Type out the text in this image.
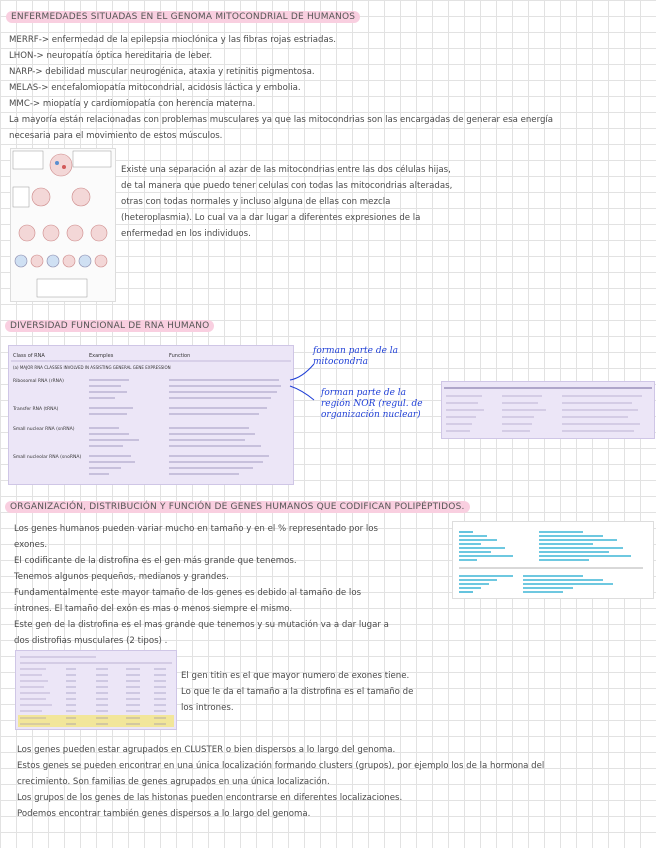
ENFERMEDADES SITUADAS EN EL GENOMA MITOCONDRIAL DE HUMANOS
MERRF-> enfermedad de la epilepsia mioclónica y las fibras rojas estriadas.
LHON-> neuropatía óptica hereditaria de leber.
NARP-> debilidad muscular neurogénica, ataxia y retinitis pigmentosa.
MELAS-> encefalomiopatía mitocondrial, acidosis láctica y embolia.
MMC-> miopatía y cardiomiopatía con herencia materna.
La mayoría están relacionadas con problemas musculares ya que las mitocondrias son las encargadas de generar esa energía
necesaria para el movimiento de estos músculos.
Existe una separación al azar de las mitocondrias entre las dos células hijas,
de tal manera que puedo tener celulas con todas las mitocondrias alteradas,
otras con todas normales y incluso alguna de ellas con mezcla
(heteroplasmia). Lo cual va a dar lugar a diferentes expresiones de la
enfermedad en los individuos.
DIVERSIDAD FUNCIONAL DE RNA HUMANO
Class of RNA	Examples	Function
(a) MAJOR RNA CLASSES INVOLVED IN ASSISTING GENERAL GENE EXPRESSION
Ribosomal RNA (rRNA)
Transfer RNA (tRNA)
Small nuclear RNA (snRNA)
Small nucleolar RNA (snoRNA)
forman parte de la mitocondria
forman parte de la región NOR (regul. de organización nuclear)
ORGANIZACIÓN, DISTRIBUCIÓN Y FUNCIÓN DE GENES HUMANOS QUE CODIFICAN POLIPÉPTIDOS.
Los genes humanos pueden variar mucho en tamaño y en el % representado por los
exones.
El codificante de la distrofina es el gen más grande que tenemos.
Tenemos algunos pequeños, medianos y grandes.
Fundamentalmente este mayor tamaño de los genes es debido al tamaño de los
intrones. El tamaño del exón es mas o menos siempre el mismo.
Este gen de la distrofina es el mas grande que tenemos y su mutación va a dar lugar a
dos distrofias musculares (2 tipos) .
El gen titin es el que mayor numero de exones tiene.
Lo que le da el tamaño a la distrofina es el tamaño de
los intrones.
Los genes pueden estar agrupados en CLUSTER o bien dispersos a lo largo del genoma.
Estos genes se pueden encontrar en una única localización formando clusters (grupos), por ejemplo los de la hormona del
crecimiento. Son familias de genes agrupados en una única localización.
Los grupos de los genes de las histonas pueden encontrarse en diferentes localizaciones.
Podemos encontrar también genes dispersos a lo largo del genoma.
